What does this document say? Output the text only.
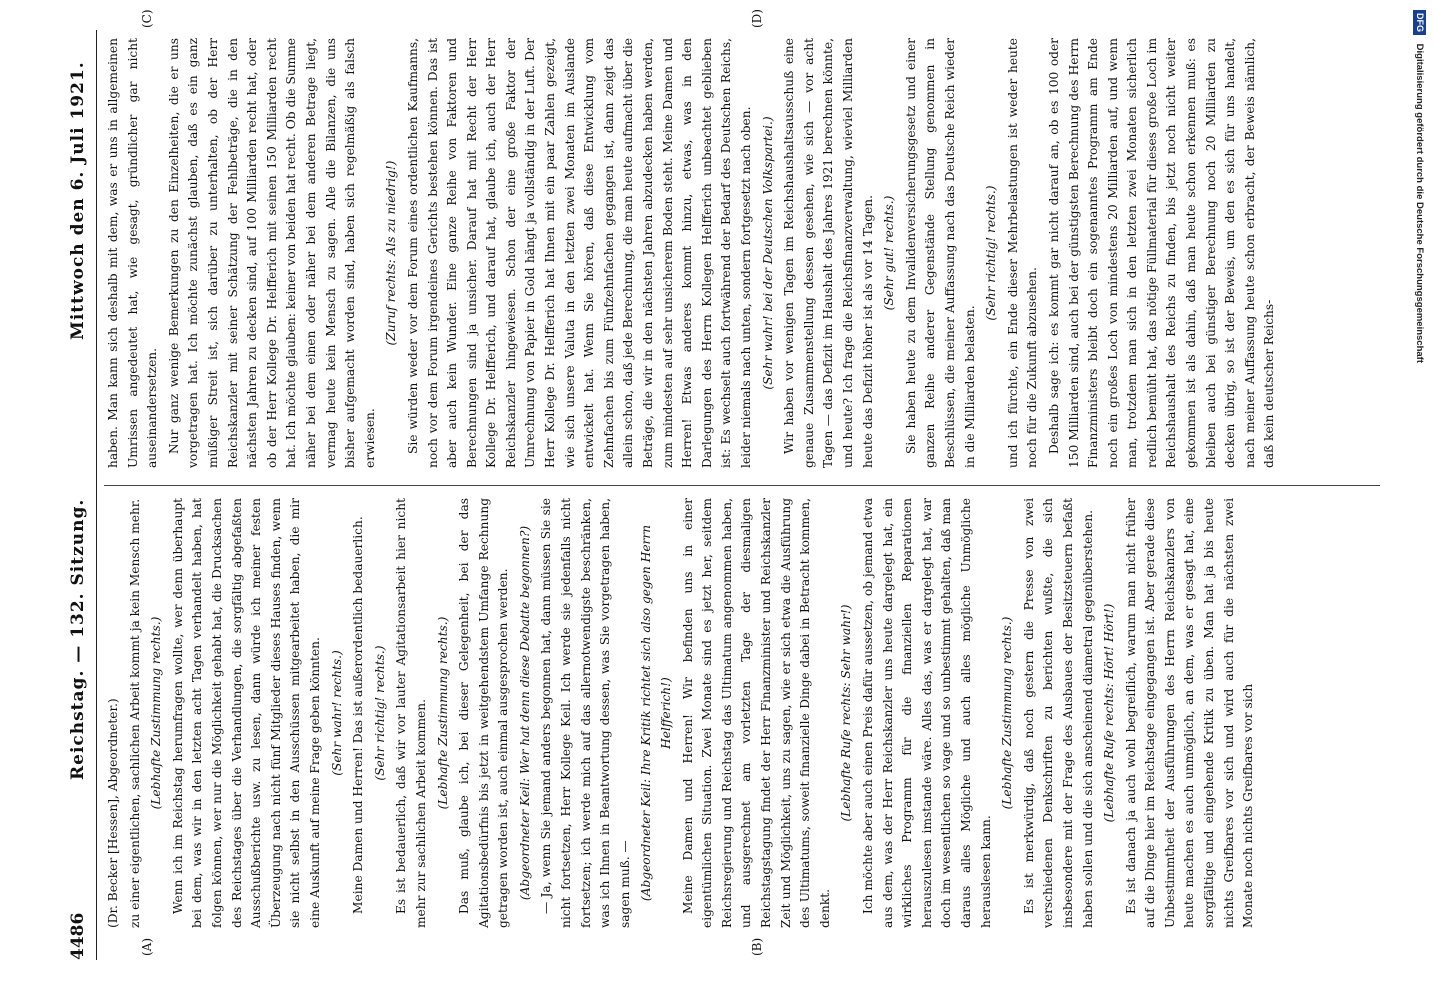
4486
Reichstag. — 132. Sitzung.
Mittwoch den 6. Juli 1921.
(A)	(B)
(C)	(D)

(Dr. Becker [Hessen], Abgeordneter.) zu einer eigentlichen, sachlichen Arbeit kommt ja kein Mensch mehr. (Lebhafte Zustimmung rechts.) Wenn ich im Reichstag herumfragen wollte, wer denn überhaupt bei dem, was wir in den letzten acht Tagen verhandelt haben, hat folgen können, wer nur die Möglichkeit gehabt hat, die Drucksachen des Reichstages über die Verhandlungen, die sorgfältig abgefaßten Ausschußberichte usw. zu lesen, dann würde ich meiner festen Überzeugung nach nicht fünf Mitglieder dieses Hauses finden, wenn sie nicht selbst in den Ausschüssen mitgearbeitet haben, die mir eine Auskunft auf meine Frage geben könnten. (Sehr wahr! rechts.) Meine Damen und Herren! Das ist außerordentlich bedauerlich. (Sehr richtig! rechts.) Es ist bedauerlich, daß wir vor lauter Agitationsarbeit hier nicht mehr zur sachlichen Arbeit kommen. (Lebhafte Zustimmung rechts.) Das muß, glaube ich, bei dieser Gelegenheit, bei der das Agitationsbedürfnis bis jetzt in weitgehendstem Umfange Rechnung getragen worden ist, auch einmal ausgesprochen werden. (Abgeordneter Keil: Wer hat denn diese Debatte begonnen?) — Ja, wenn Sie jemand anders begonnen hat, dann müssen Sie sie nicht fortsetzen, Herr Kollege Keil. Ich werde sie jedenfalls nicht fortsetzen; ich werde mich auf das allernotwendigste beschränken, was ich Ihnen in Beantwortung dessen, was Sie vorgetragen haben, sagen muß. — (Abgeordneter Keil: Ihre Kritik richtet sich also gegen Herrn Helfferich!) Meine Damen und Herren! Wir befinden uns in einer eigentümlichen Situation. Zwei Monate sind es jetzt her, seitdem Reichsregierung und Reichstag das Ultimatum angenommen haben, und ausgerechnet am vorletzten Tage der diesmaligen Reichstagstagung findet der Herr Finanzminister und Reichskanzler Zeit und Möglichkeit, uns zu sagen, wie er sich etwa die Ausführung des Ultimatums, soweit finanzielle Dinge dabei in Betracht kommen, denkt.

(Lebhafte Rufe rechts: Sehr wahr!) Ich möchte aber auch einen Preis dafür aussetzen, ob jemand etwa aus dem, was der Herr Reichskanzler uns heute dargelegt hat, ein wirkliches Programm für die finanziellen Reparationen herauszulesen imstande wäre. Alles das, was er dargelegt hat, war doch im wesentlichen so vage und so unbestimmt gehalten, daß man daraus alles Mögliche und auch alles mögliche Unmögliche herauslesen kann.

(Lebhafte Zustimmung rechts.) Es ist merkwürdig, daß noch gestern die Presse von zwei verschiedenen Denkschriften zu berichten wußte, die sich insbesondere mit der Frage des Ausbaues der Besitzsteuern befaßt haben sollen und die sich anscheinend diametral gegenüberstehen. (Lebhafte Rufe rechts: Hört! Hört!) Es ist danach ja auch wohl begreiflich, warum man nicht früher auf die Dinge hier im Reichstage eingegangen ist. Aber gerade diese Unbestimmtheit der Ausführungen des Herrn Reichskanzlers von heute machen es auch unmöglich, an dem, was er gesagt hat, eine sorgfältige und eingehende Kritik zu üben. Man hat ja bis heute nichts Greifbares vor sich und wird auch für die nächsten zwei Monate noch nichts Greifbares vor sich

haben. Man kann sich deshalb mit dem, was er uns in allgemeinen Umrissen angedeutet hat, wie gesagt, gründlicher gar nicht auseinandersetzen. Nur ganz wenige Bemerkungen zu den Einzelheiten, die er uns vorgetragen hat. Ich möchte zunächst glauben, daß es ein ganz müßiger Streit ist, sich darüber zu unterhalten, ob der Herr Reichskanzler mit seiner Schätzung der Fehlbeträge, die in den nächsten Jahren zu decken sind, auf 100 Milliarden recht hat, oder ob der Herr Kollege Dr. Helfferich mit seinen 150 Milliarden recht hat. Ich möchte glauben: keiner von beiden hat recht. Ob die Summe näher bei dem einen oder näher bei dem anderen Betrage liegt, vermag heute kein Mensch zu sagen. Alle die Bilanzen, die uns bisher aufgemacht worden sind, haben sich regelmäßig als falsch erwiesen.

(Zuruf rechts: Als zu niedrig!) Sie würden weder vor dem Forum eines ordentlichen Kaufmanns, noch vor dem Forum irgendeines Gerichts bestehen können. Das ist aber auch kein Wunder. Eine ganze Reihe von Faktoren und Berechnungen sind ja unsicher. Darauf hat mit Recht der Herr Kollege Dr. Helfferich, und darauf hat, glaube ich, auch der Herr Reichskanzler hingewiesen. Schon der eine große Faktor der Umrechnung von Papier in Gold hängt ja vollständig in der Luft. Der Herr Kollege Dr. Helfferich hat Ihnen mit ein paar Zahlen gezeigt, wie sich unsere Valuta in den letzten zwei Monaten im Auslande entwickelt hat. Wenn Sie hören, daß diese Entwicklung vom Zehnfachen bis zum Fünfzehnfachen gegangen ist, dann zeigt das allein schon, daß jede Berechnung, die man heute aufmacht über die Beträge, die wir in den nächsten Jahren abzudecken haben werden, zum mindesten auf sehr unsicherem Boden steht. Meine Damen und Herren! Etwas anderes kommt hinzu, etwas, was in den Darlegungen des Herrn Kollegen Helfferich unbeachtet geblieben ist: Es wechselt auch fortwährend der Bedarf des Deutschen Reichs, leider niemals nach unten, sondern fortgesetzt nach oben. (Sehr wahr! bei der Deutschen Volkspartei.) Wir haben vor wenigen Tagen im Reichshaushaltsausschuß eine genaue Zusammenstellung dessen gesehen, wie sich — vor acht Tagen — das Defizit im Haushalt des Jahres 1921 berechnen könnte, und heute? Ich frage die Reichsfinanzverwaltung, wieviel Milliarden heute das Defizit höher ist als vor 14 Tagen. (Sehr gut! rechts.) Sie haben heute zu dem Invalidenversicherungsgesetz und einer ganzen Reihe anderer Gegenstände Stellung genommen in Beschlüssen, die meiner Auffassung nach das Deutsche Reich wieder in die Milliarden belasten.

(Sehr richtig! rechts.) und ich fürchte, ein Ende dieser Mehrbelastungen ist weder heute noch für die Zukunft abzusehen. Deshalb sage ich: es kommt gar nicht darauf an, ob es 100 oder 150 Milliarden sind, auch bei der günstigsten Berechnung des Herrn Finanzministers bleibt doch ein sogenanntes Programm am Ende noch ein großes Loch von mindestens 20 Milliarden auf, und wenn man, trotzdem man sich in den letzten zwei Monaten sicherlich redlich bemüht hat, das nötige Füllmaterial für dieses große Loch im Reichshaushalt des Reichs zu finden, bis jetzt noch nicht weiter gekommen ist als dahin, daß man heute schon erkennen muß: es bleiben auch bei günstiger Berechnung noch 20 Milliarden zu decken übrig, so ist der Beweis, um den es sich für uns handelt, nach meiner Auffassung heute schon erbracht, der Beweis nämlich, daß kein deutscher Reichs-

DFG Digitalisierung gefördert durch die Deutsche Forschungsgemeinschaft
